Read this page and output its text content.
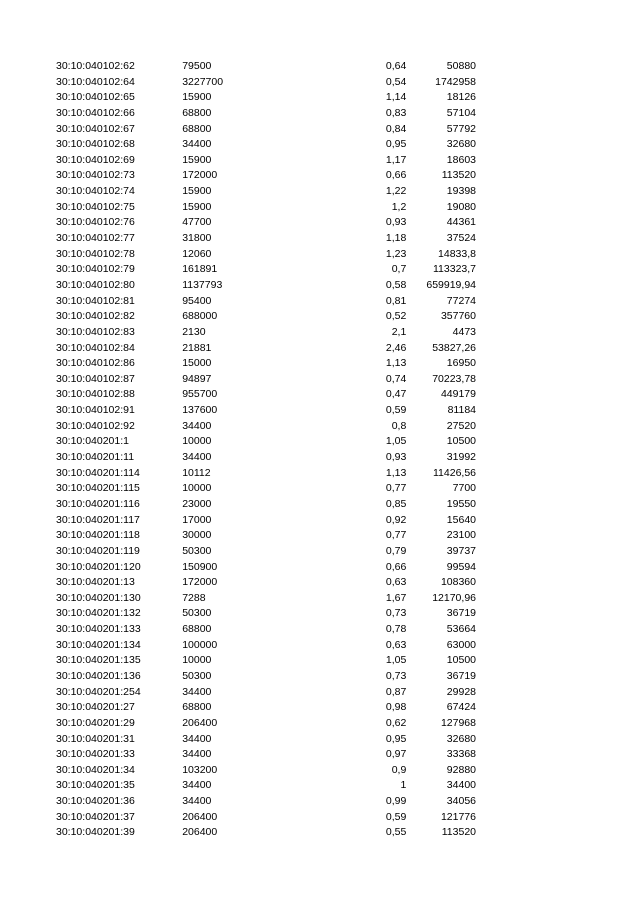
30:10:040102:62	79500	0,64	50880
30:10:040102:64	3227700	0,54	1742958
30:10:040102:65	15900	1,14	18126
30:10:040102:66	68800	0,83	57104
30:10:040102:67	68800	0,84	57792
30:10:040102:68	34400	0,95	32680
30:10:040102:69	15900	1,17	18603
30:10:040102:73	172000	0,66	113520
30:10:040102:74	15900	1,22	19398
30:10:040102:75	15900	1,2	19080
30:10:040102:76	47700	0,93	44361
30:10:040102:77	31800	1,18	37524
30:10:040102:78	12060	1,23	14833,8
30:10:040102:79	161891	0,7	113323,7
30:10:040102:80	1137793	0,58	659919,94
30:10:040102:81	95400	0,81	77274
30:10:040102:82	688000	0,52	357760
30:10:040102:83	2130	2,1	4473
30:10:040102:84	21881	2,46	53827,26
30:10:040102:86	15000	1,13	16950
30:10:040102:87	94897	0,74	70223,78
30:10:040102:88	955700	0,47	449179
30:10:040102:91	137600	0,59	81184
30:10:040102:92	34400	0,8	27520
30:10:040201:1	10000	1,05	10500
30:10:040201:11	34400	0,93	31992
30:10:040201:114	10112	1,13	11426,56
30:10:040201:115	10000	0,77	7700
30:10:040201:116	23000	0,85	19550
30:10:040201:117	17000	0,92	15640
30:10:040201:118	30000	0,77	23100
30:10:040201:119	50300	0,79	39737
30:10:040201:120	150900	0,66	99594
30:10:040201:13	172000	0,63	108360
30:10:040201:130	7288	1,67	12170,96
30:10:040201:132	50300	0,73	36719
30:10:040201:133	68800	0,78	53664
30:10:040201:134	100000	0,63	63000
30:10:040201:135	10000	1,05	10500
30:10:040201:136	50300	0,73	36719
30:10:040201:254	34400	0,87	29928
30:10:040201:27	68800	0,98	67424
30:10:040201:29	206400	0,62	127968
30:10:040201:31	34400	0,95	32680
30:10:040201:33	34400	0,97	33368
30:10:040201:34	103200	0,9	92880
30:10:040201:35	34400	1	34400
30:10:040201:36	34400	0,99	34056
30:10:040201:37	206400	0,59	121776
30:10:040201:39	206400	0,55	113520
